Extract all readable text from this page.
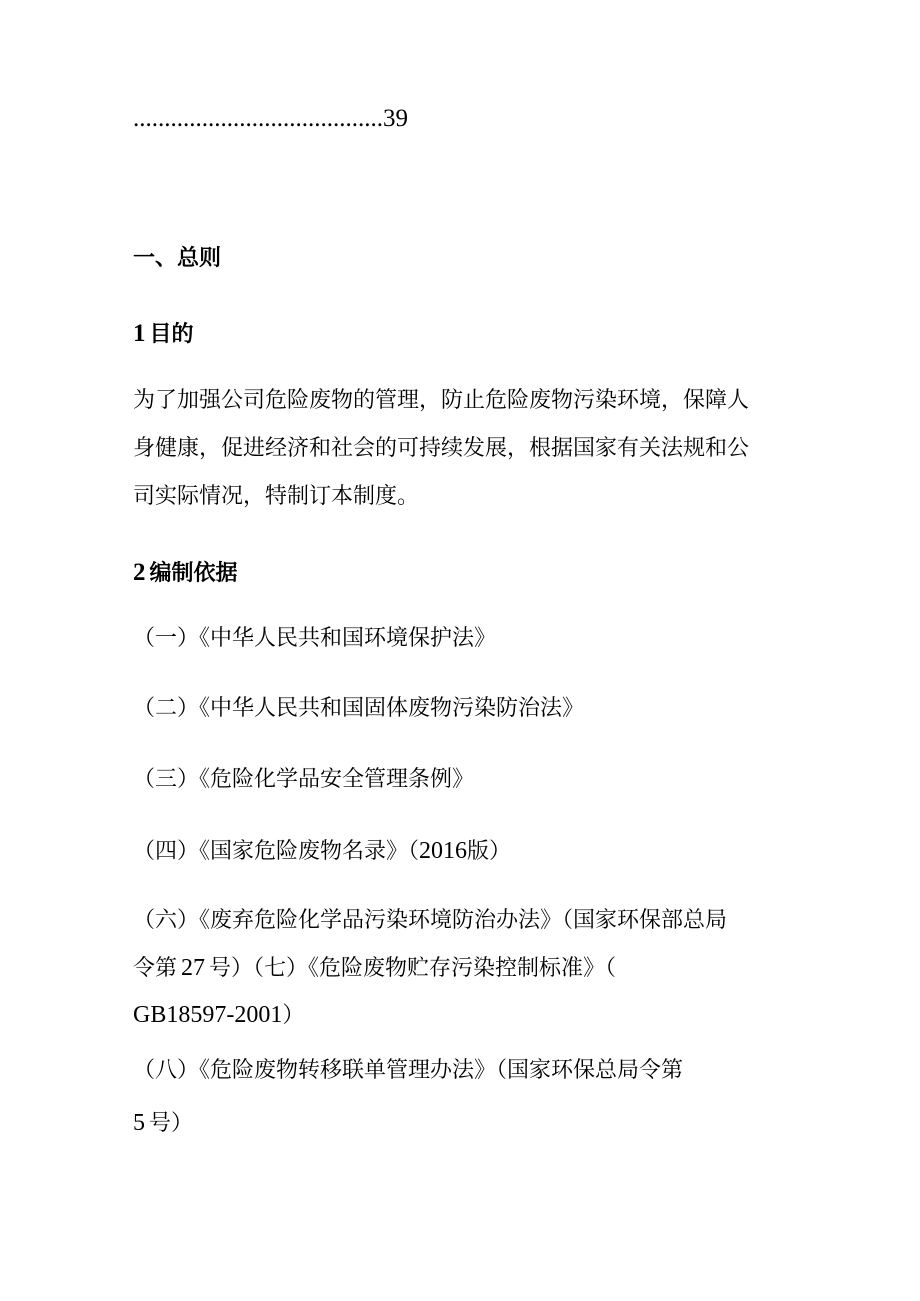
........................................39
一、总则
1 目的
为了加强公司危险废物的管理，防止危险废物污染环境，保障人
身健康，促进经济和社会的可持续发展，根据国家有关法规和公
司实际情况，特制订本制度。
2 编制依据
（一）《中华人民共和国环境保护法》
（二）《中华人民共和国固体废物污染防治法》
（三）《危险化学品安全管理条例》
（四）《国家危险废物名录》（2016版）
（六）《废弃危险化学品污染环境防治办法》（国家环保部总局
令第 27 号）（七）《危险废物贮存污染控制标准》（
GB18597-2001）
（八）《危险废物转移联单管理办法》（国家环保总局令第
5 号）
